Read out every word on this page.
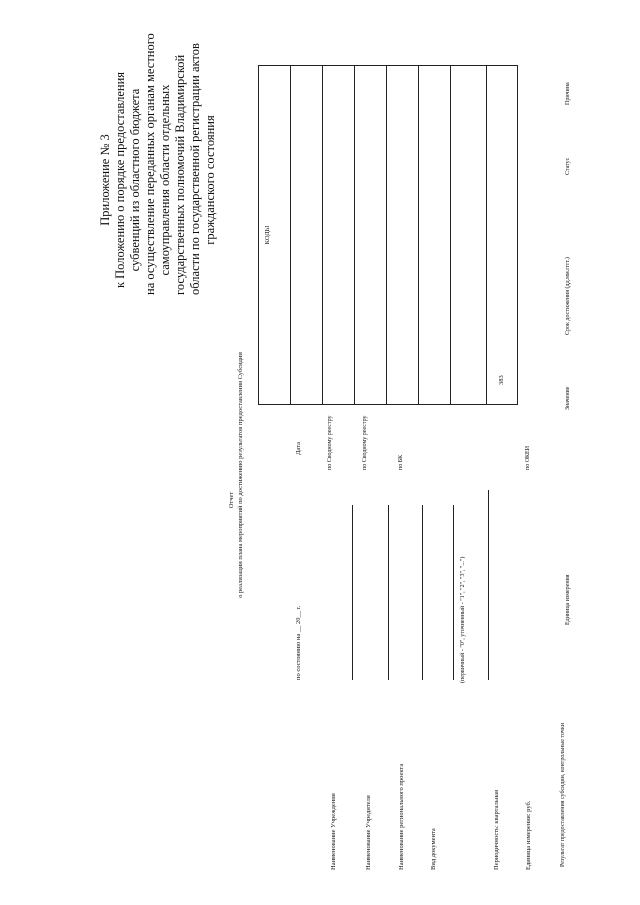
Приложение № 3 к Положению о порядке предоставления субвенций из областного бюджета на осуществление переданных органам местного самоуправления области отдельных государственных полномочий Владимирской области по государственной регистрации актов гражданского состояния
Отчет о реализации плана мероприятий по достижению результатов предоставления Субсидии
КОДЫ
383
по состоянию на __ 20__ г.
Дата
Наименование Учреждения
по Сводному реестру
Наименование Учредителя
по Сводному реестру
Наименование регионального проекта
по БК
Вид документа
(первичный - "0", уточненный - "1", "2", "3", "...")
Периодичность: квартальная	Единица измерения: руб.
по ОКЕИ
Результат предоставления субсидии, контрольные точки
Единица измерения
Значение
Срок достижения (дд.мм.гггг.)
Статус
Причина
